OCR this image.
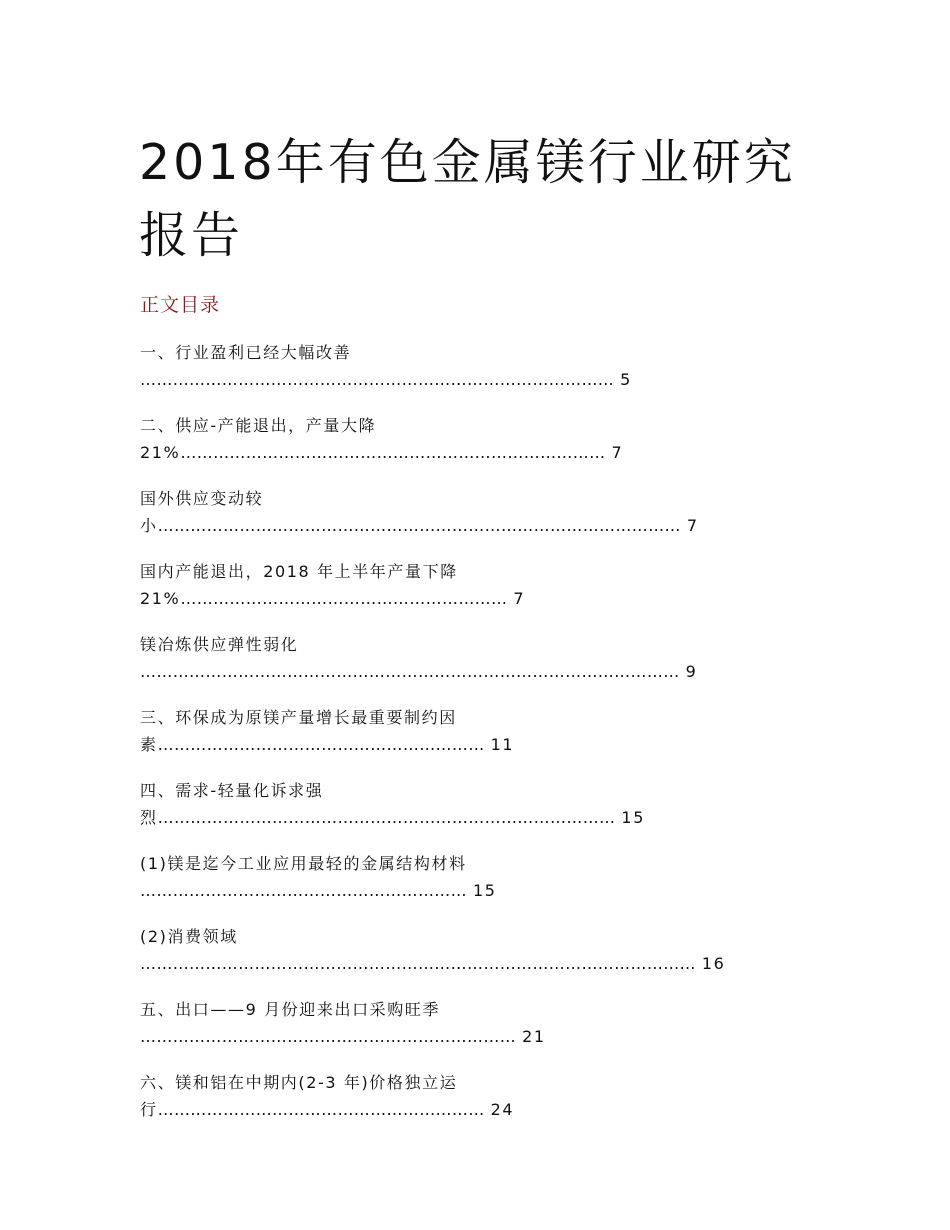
2018年有色金属镁行业研究报告
正文目录
一、行业盈利已经大幅改善
…………………………………………………………………………… 5
二、供应-产能退出，产量大降
21%…………………………………………………………………… 7
国外供应变动较
小…………………………………………………………………………………… 7
国内产能退出，2018 年上半年产量下降
21%…………………………………………………… 7
镁冶炼供应弹性弱化
……………………………………………………………………………………… 9
三、环保成为原镁产量增长最重要制约因
素…………………………………………………… 11
四、需求-轻量化诉求强
烈………………………………………………………………………… 15
(1)镁是迄今工业应用最轻的金属结构材料
…………………………………………………… 15
(2)消费领域
………………………………………………………………………………………… 16
五、出口——9 月份迎来出口采购旺季
…………………………………………………………… 21
六、镁和铝在中期内(2-3 年)价格独立运
行…………………………………………………… 24
